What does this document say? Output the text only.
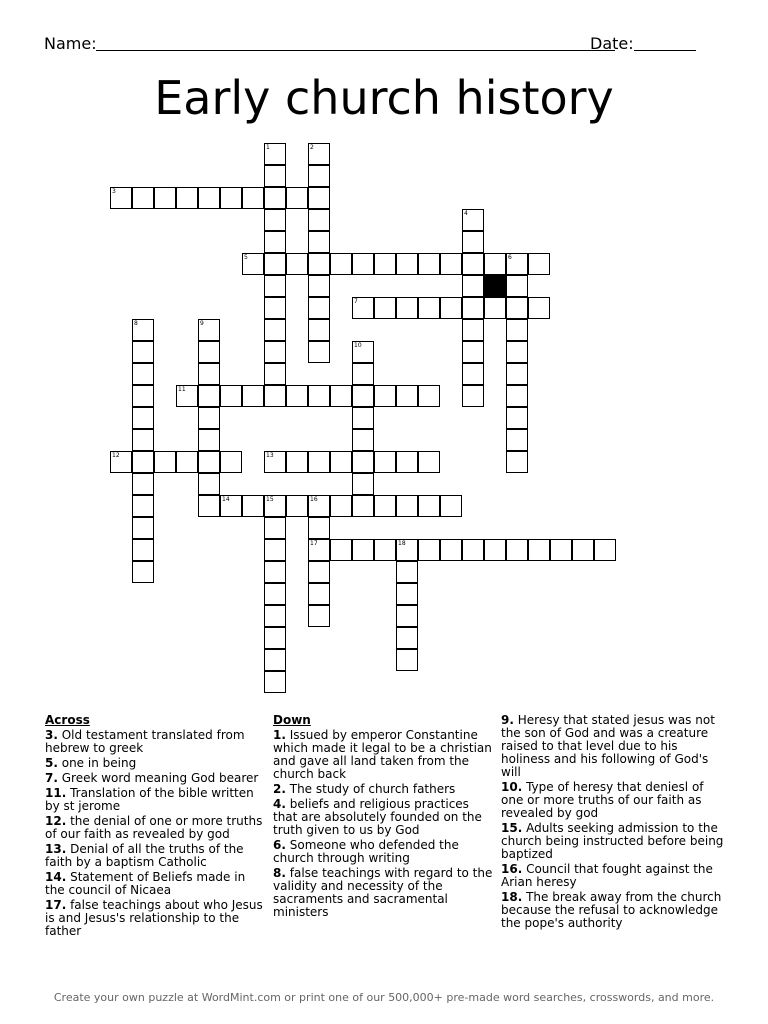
Name:	Date:
Early church history
1	2
3
4
5	6
7
8	9
10
11
12	13
14	15	16
17	18
Across
3. Old testament translated from hebrew to greek
5. one in being
7. Greek word meaning God bearer
11. Translation of the bible written by st jerome
12. the denial of one or more truths of our faith as revealed by god
13. Denial of all the truths of the faith by a baptism Catholic
14. Statement of Beliefs made in the council of Nicaea
17. false teachings about who Jesus is and Jesus's relationship to the father
Down
1. Issued by emperor Constantine which made it legal to be a christian and gave all land taken from the church back
2. The study of church fathers
4. beliefs and religious practices that are absolutely founded on the truth given to us by God
6. Someone who defended the church through writing
8. false teachings with regard to the validity and necessity of the sacraments and sacramental ministers
9. Heresy that stated jesus was not the son of God and was a creature raised to that level due to his holiness and his following of God's will
10. Type of heresy that deniesl of one or more truths of our faith as revealed by god
15. Adults seeking admission to the church being instructed before being baptized
16. Council that fought against the Arian heresy
18. The break away from the church because the refusal to acknowledge the pope's authority
Create your own puzzle at WordMint.com or print one of our 500,000+ pre-made word searches, crosswords, and more.
